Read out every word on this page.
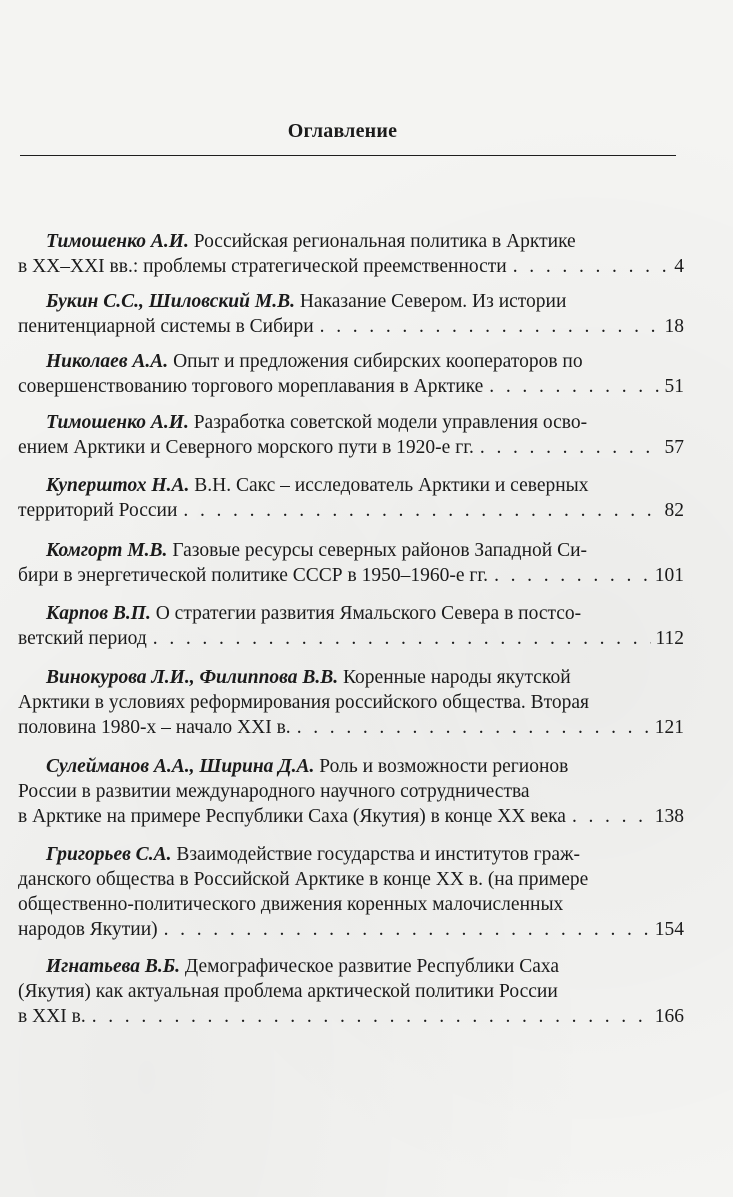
Оглавление
Тимошенко А.И.
Российская региональная политика в Арктике
в XX–XXI вв.: проблемы стратегической преемственности . . .	4
Букин С.С., Шиловский М.В.
Наказание Севером. Из истории
пенитенциарной системы в Сибири . . .	18
Николаев А.А.
Опыт и предложения сибирских кооператоров по
совершенствованию торгового мореплавания в Арктике . . .	51
Тимошенко А.И.
Разработка советской модели управления осво-
ением Арктики и Северного морского пути в 1920-е гг. . . .	57
Куперштох Н.А.
В.Н. Сакс – исследователь Арктики и северных
территорий России . . .	82
Комгорт М.В.
Газовые ресурсы северных районов Западной Си-
бири в энергетической политике СССР в 1950–1960-е гг. . . .	101
Карпов В.П.
О стратегии развития Ямальского Севера в постсо-
ветский период . . .	112
Винокурова Л.И., Филиппова В.В.
Коренные народы якутской
Арктики в условиях реформирования российского общества. Вторая
половина 1980-х – начало XXI в. . . .	121
Сулейманов А.А., Ширина Д.А.
Роль и возможности регионов
России в развитии международного научного сотрудничества
в Арктике на примере Республики Саха (Якутия) в конце XX века . . .	138
Григорьев С.А.
Взаимодействие государства и институтов граж-
данского общества в Российской Арктике в конце XX в. (на примере
общественно-политического движения коренных малочисленных
народов Якутии) . . .	154
Игнатьева В.Б.
Демографическое развитие Республики Саха
(Якутия) как актуальная проблема арктической политики России
в XXI в. . . .	166
